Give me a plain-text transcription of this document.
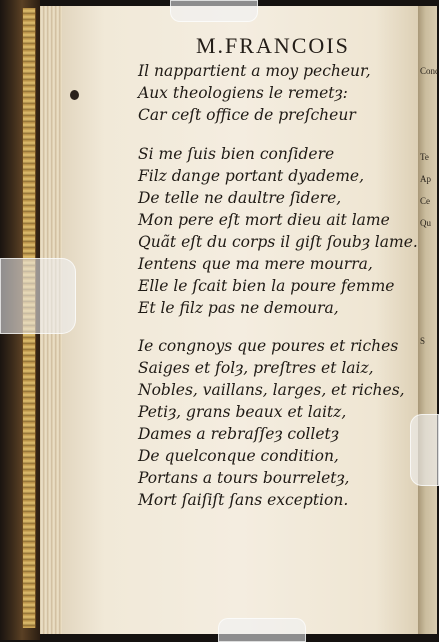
Conc
Te
Ap
Ce
Qu
S
M.FRANCOIS
Il nappartient a moy pecheur,
Aux theologiens le remetȝ:
Car ceſt office de preſcheur
Si me ſuis bien conſidere
Filz dange portant dyademe,
De telle ne daultre ſidere,
Mon pere eſt mort dieu ait lame
Quãt eſt du corps il giſt ſoubȝ lame.
Ientens que ma mere mourra,
Elle le ſcait bien la poure femme
Et le filz pas ne demoura,
Ie congnoys que poures et riches
Saiges et folȝ, preſtres et laiz,
Nobles, vaillans, larges, et riches,
Petiȝ, grans beaux et laitz,
Dames a rebraſſeȝ colletȝ
De quelconque condition,
Portans a tours bourreletȝ,
Mort ſaiſiſt ſans exception.
